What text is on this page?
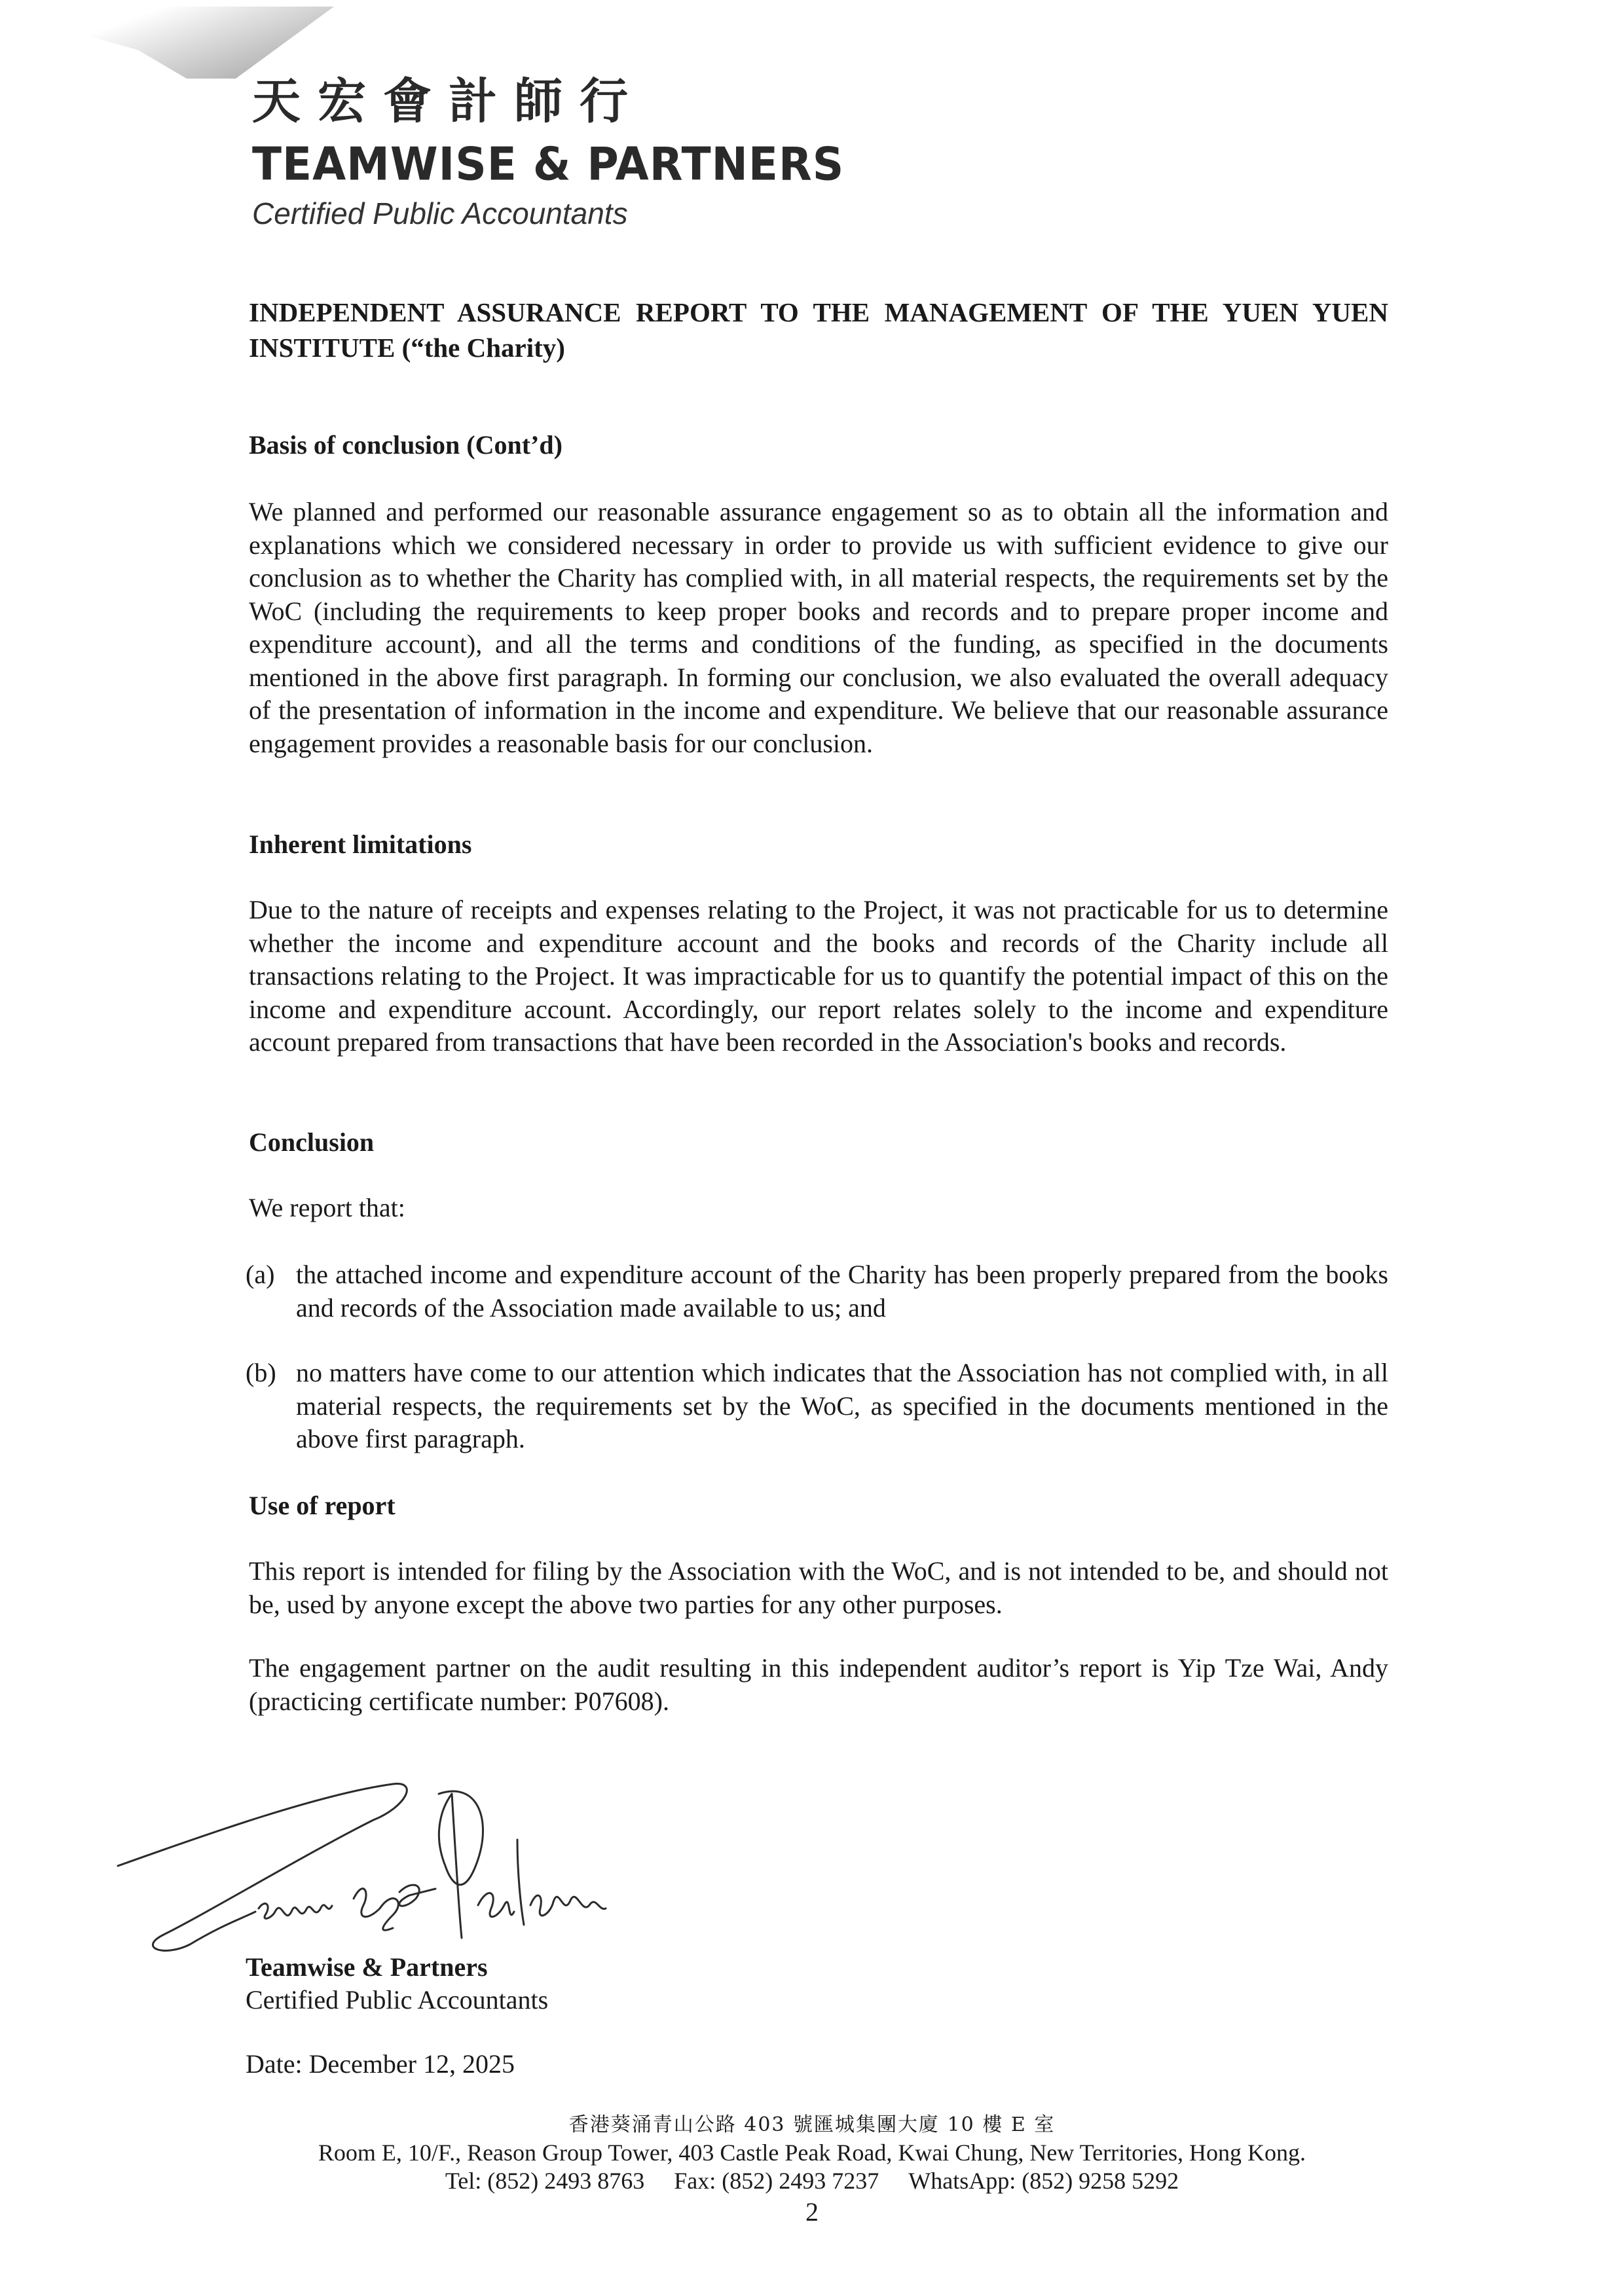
天宏會計師行
TEAMWISE & PARTNERS
Certified Public Accountants
INDEPENDENT ASSURANCE REPORT TO THE MANAGEMENT OF THE YUEN YUEN INSTITUTE (“the Charity)
Basis of conclusion (Cont’d)
We planned and performed our reasonable assurance engagement so as to obtain all the information and explanations which we considered necessary in order to provide us with sufficient evidence to give our conclusion as to whether the Charity has complied with, in all material respects, the requirements set by the WoC (including the requirements to keep proper books and records and to prepare proper income and expenditure account), and all the terms and conditions of the funding, as specified in the documents mentioned in the above first paragraph. In forming our conclusion, we also evaluated the overall adequacy of the presentation of information in the income and expenditure. We believe that our reasonable assurance engagement provides a reasonable basis for our conclusion.
Inherent limitations
Due to the nature of receipts and expenses relating to the Project, it was not practicable for us to determine whether the income and expenditure account and the books and records of the Charity include all transactions relating to the Project. It was impracticable for us to quantify the potential impact of this on the income and expenditure account. Accordingly, our report relates solely to the income and expenditure account prepared from transactions that have been recorded in the Association's books and records.
Conclusion
We report that:
(a) the attached income and expenditure account of the Charity has been properly prepared from the books and records of the Association made available to us; and
(b) no matters have come to our attention which indicates that the Association has not complied with, in all material respects, the requirements set by the WoC, as specified in the documents mentioned in the above first paragraph.
Use of report
This report is intended for filing by the Association with the WoC, and is not intended to be, and should not be, used by anyone except the above two parties for any other purposes.
The engagement partner on the audit resulting in this independent auditor’s report is Yip Tze Wai, Andy (practicing certificate number: P07608).
Teamwise & Partners
Certified Public Accountants
Date: December 12, 2025
香港葵涌青山公路 403 號匯城集團大廈 10 樓 E 室
Room E, 10/F., Reason Group Tower, 403 Castle Peak Road, Kwai Chung, New Territories, Hong Kong.
Tel: (852) 2493 8763 Fax: (852) 2493 7237 WhatsApp: (852) 9258 5292
2
